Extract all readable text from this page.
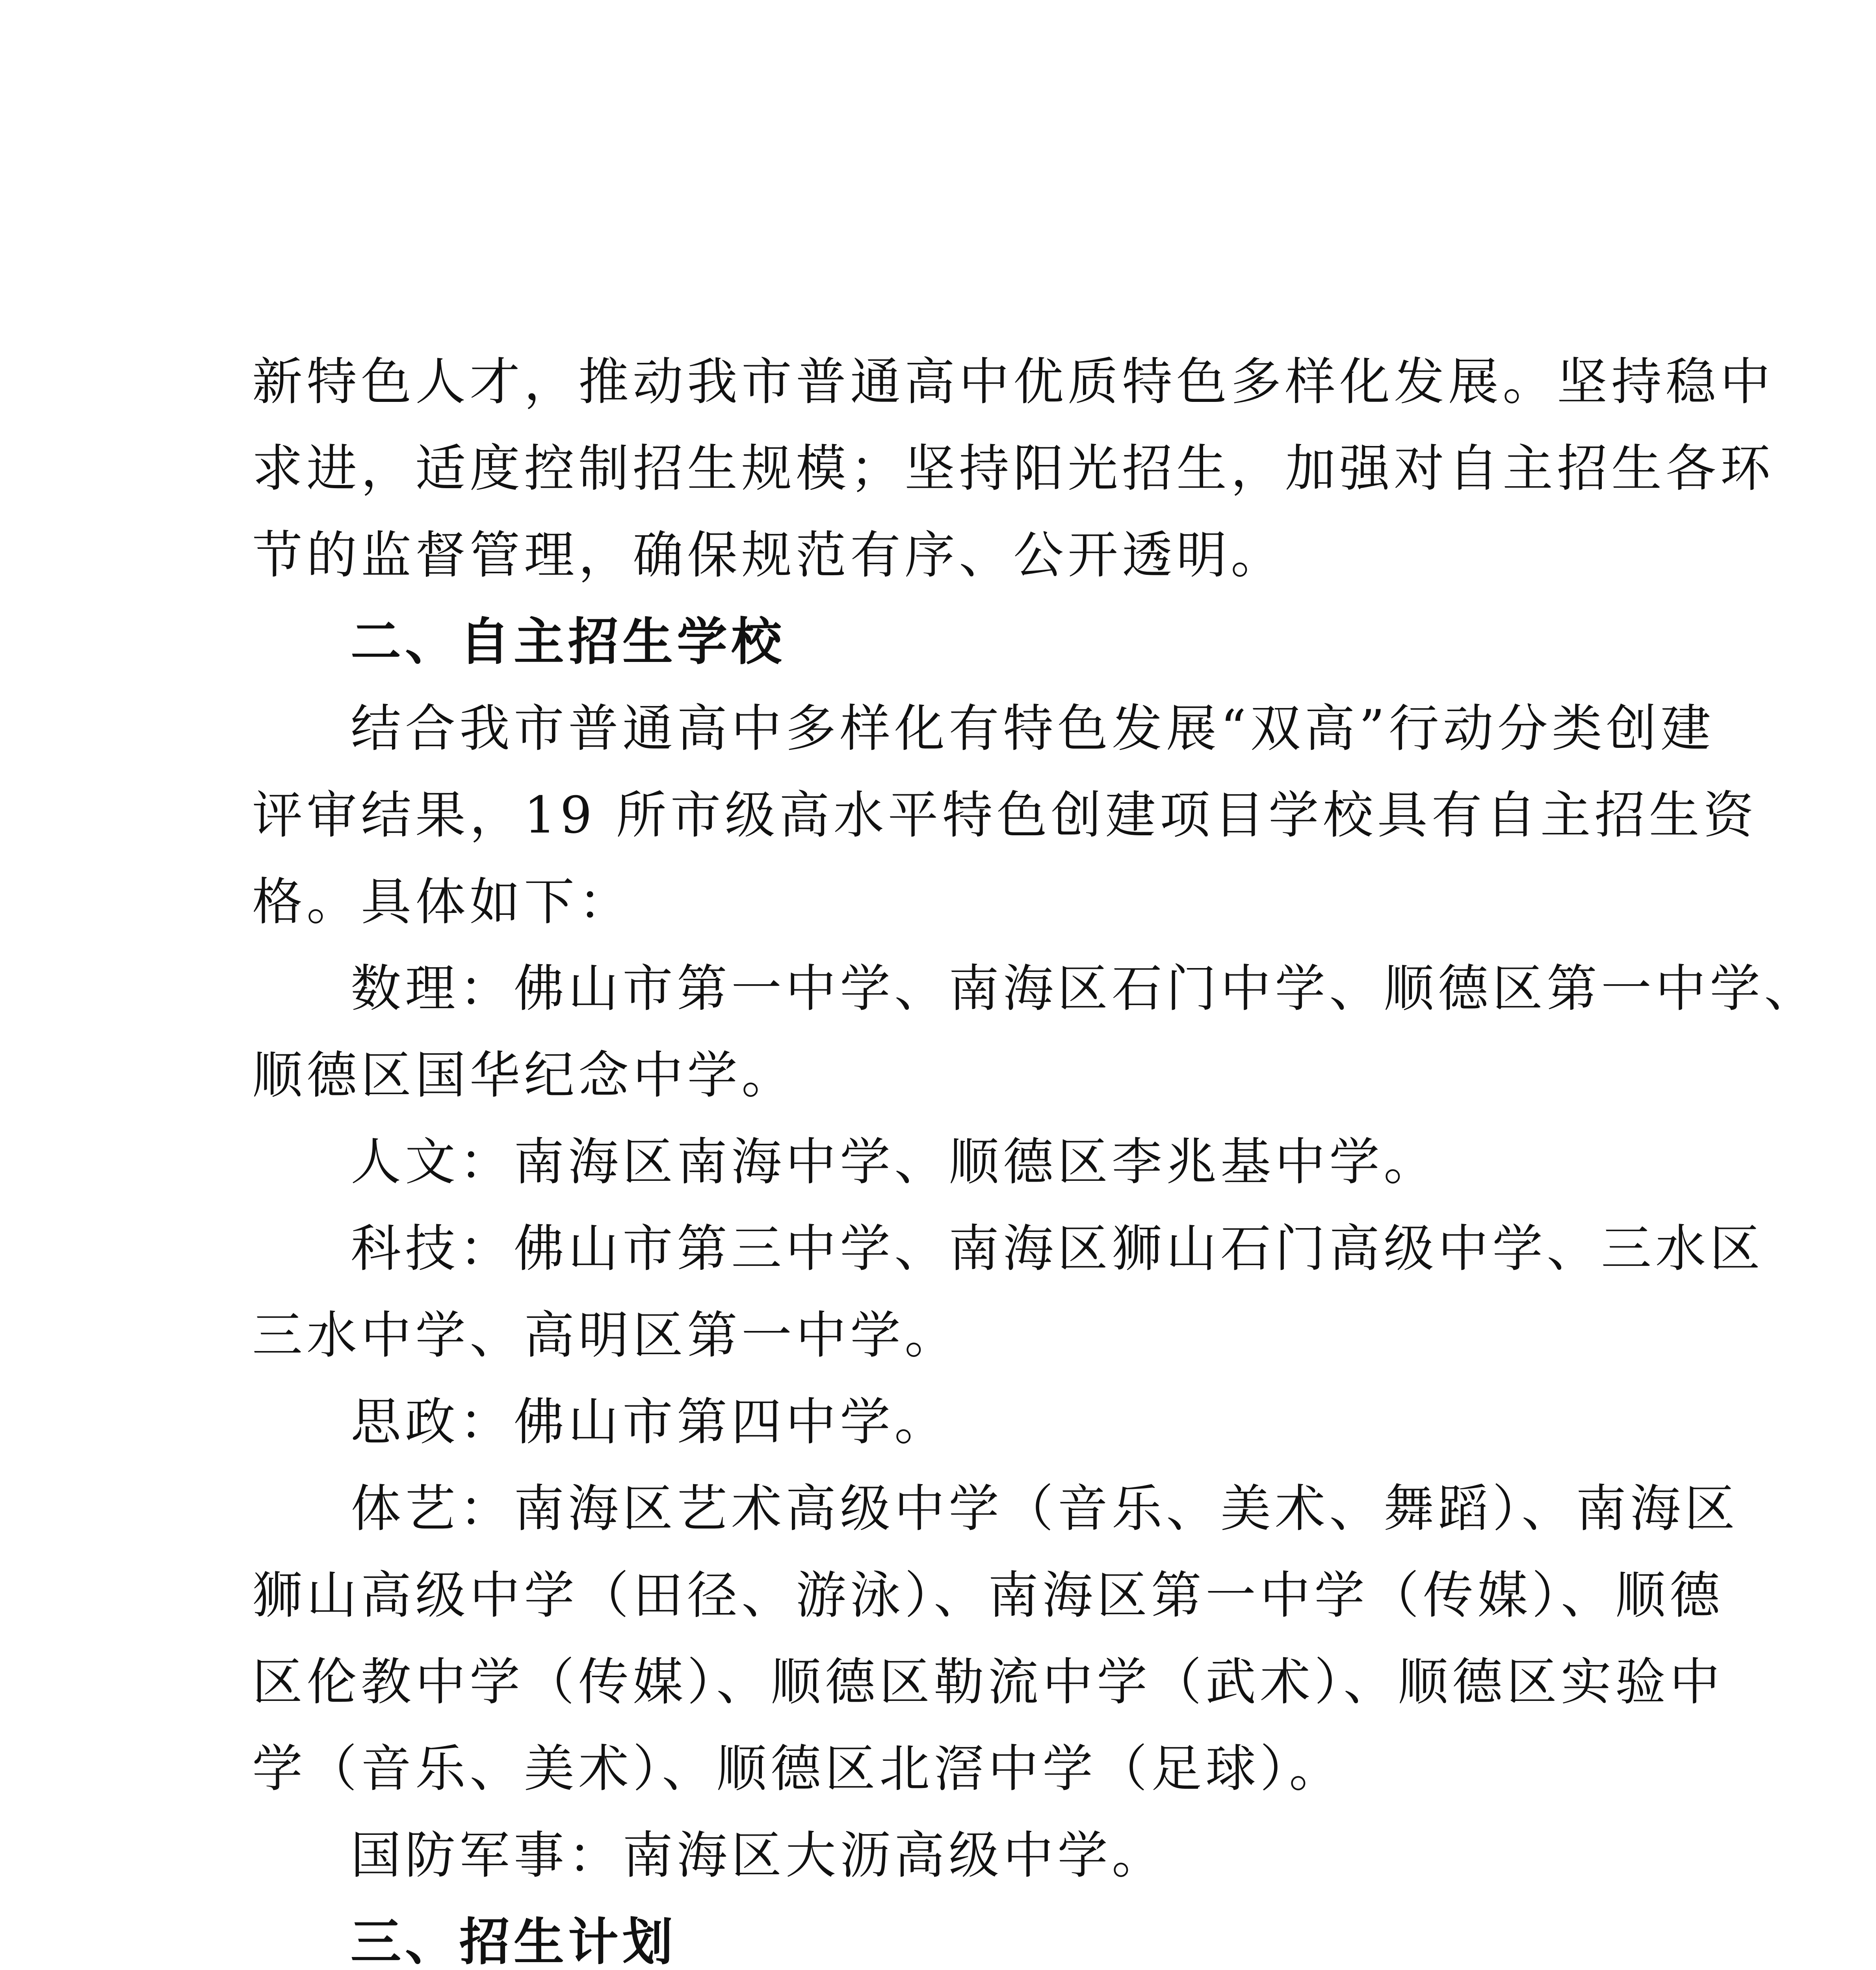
新特色人才，推动我市普通高中优质特色多样化发展。坚持稳中
求进，适度控制招生规模；坚持阳光招生，加强对自主招生各环
节的监督管理，确保规范有序、公开透明。
二、自主招生学校
结合我市普通高中多样化有特色发展“双高”行动分类创建
评审结果，19 所市级高水平特色创建项目学校具有自主招生资
格。具体如下：
数理：佛山市第一中学、南海区石门中学、顺德区第一中学、
顺德区国华纪念中学。
人文：南海区南海中学、顺德区李兆基中学。
科技：佛山市第三中学、南海区狮山石门高级中学、三水区
三水中学、高明区第一中学。
思政：佛山市第四中学。
体艺：南海区艺术高级中学（音乐、美术、舞蹈）、南海区
狮山高级中学（田径、游泳）、南海区第一中学（传媒）、顺德
区伦教中学（传媒）、顺德区勒流中学（武术）、顺德区实验中
学（音乐、美术）、顺德区北滘中学（足球）。
国防军事：南海区大沥高级中学。
三、招生计划
